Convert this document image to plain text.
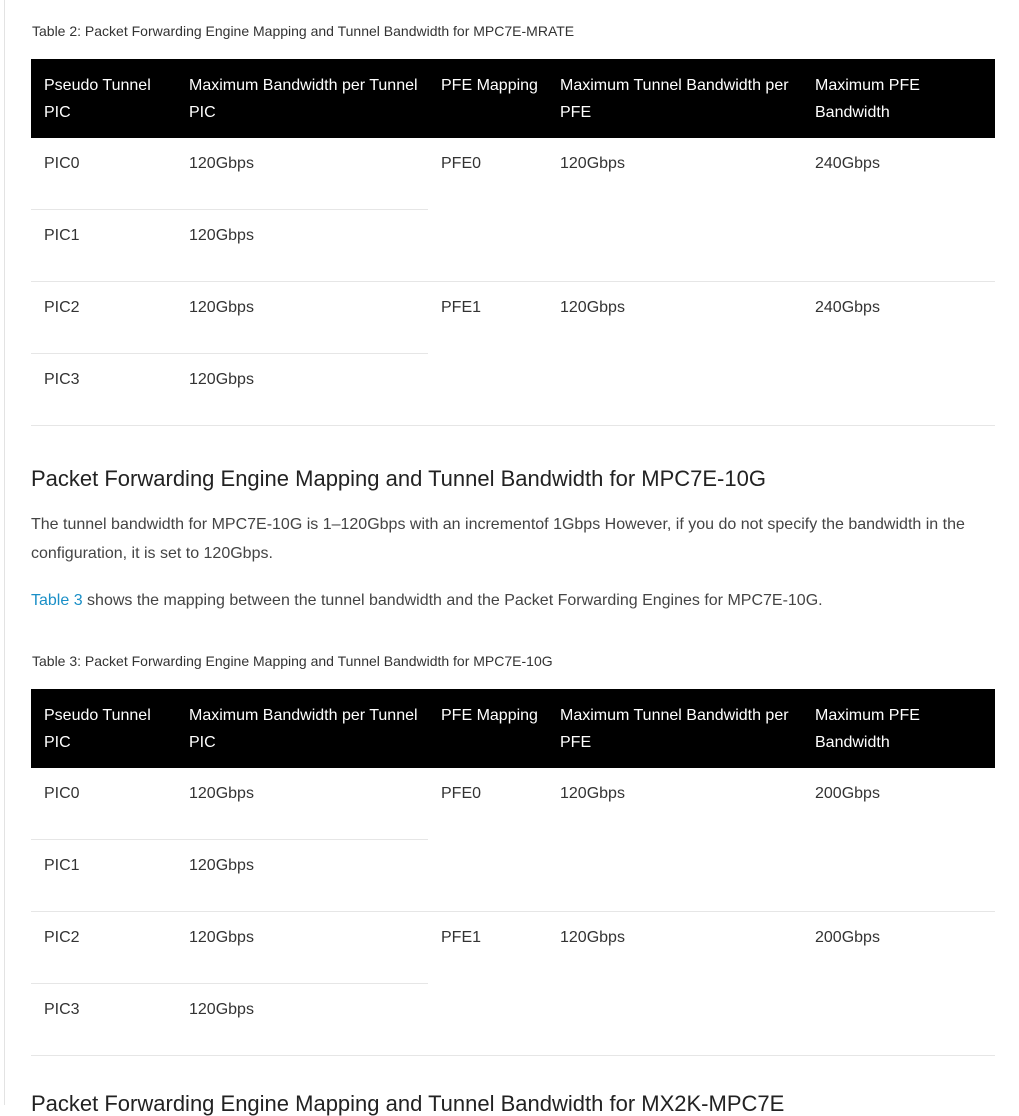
Table 2: Packet Forwarding Engine Mapping and Tunnel Bandwidth for MPC7E-MRATE
Pseudo Tunnel PIC	Maximum Bandwidth per Tunnel PIC	PFE Mapping	Maximum Tunnel Bandwidth per PFE	Maximum PFE Bandwidth
PIC0	120Gbps	PFE0	120Gbps	240Gbps
PIC1	120Gbps			
PIC2	120Gbps	PFE1	120Gbps	240Gbps
PIC3	120Gbps			
Packet Forwarding Engine Mapping and Tunnel Bandwidth for MPC7E-10G

The tunnel bandwidth for MPC7E-10G is 1–120Gbps with an incrementof 1Gbps However, if you do not specify the bandwidth in the configuration, it is set to 120Gbps.

Table 3 shows the mapping between the tunnel bandwidth and the Packet Forwarding Engines for MPC7E-10G.

Table 3: Packet Forwarding Engine Mapping and Tunnel Bandwidth for MPC7E-10G
Pseudo Tunnel PIC	Maximum Bandwidth per Tunnel PIC	PFE Mapping	Maximum Tunnel Bandwidth per PFE	Maximum PFE Bandwidth
PIC0	120Gbps	PFE0	120Gbps	200Gbps
PIC1	120Gbps			
PIC2	120Gbps	PFE1	120Gbps	200Gbps
PIC3	120Gbps			
Packet Forwarding Engine Mapping and Tunnel Bandwidth for MX2K-MPC7E
